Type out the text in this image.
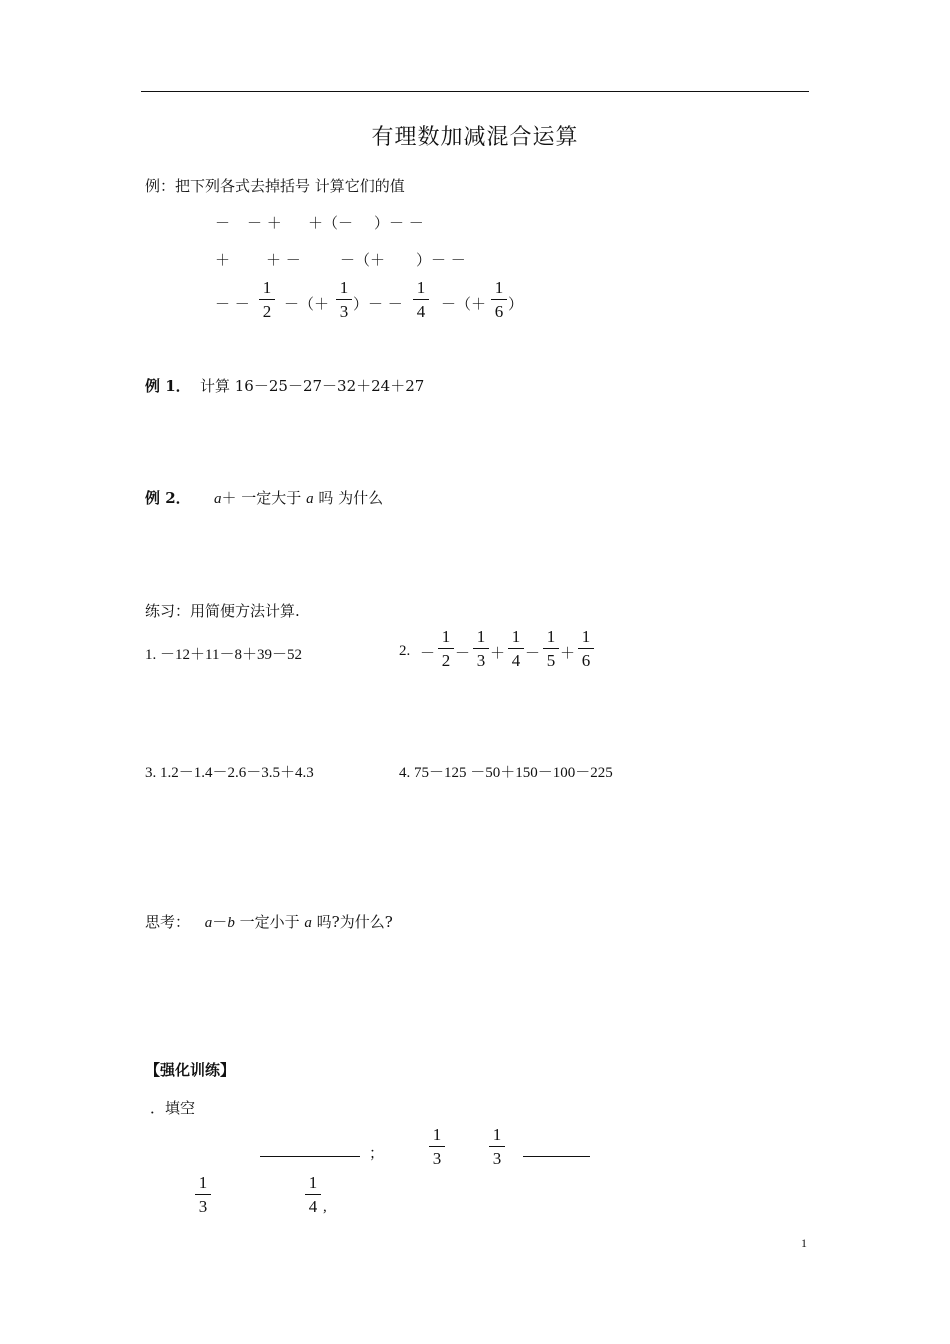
有理数加减混合运算
例：把下列各式去掉括号 计算它们的值
－ － ＋ ＋（－ ）－ －
＋ ＋ －	－（＋ ）－ －
－ －
1
2 －（＋
1
3 ）－ －
1
4 －（＋
1
6 ）
例 1． 计算 16－25－27－32＋24＋27
例 2． a＋ 一定大于 a 吗 为什么
练习：用简便方法计算.
1. －12＋11－8＋39－52	2. －
1
2 －
1
3 ＋
1
4 －
1
5 ＋
1
6
3. 1.2－1.4－2.6－3.5＋4.3	4. 75－125 －50＋150－100－225
思考： a－b 一定小于 a 吗?为什么?
【强化训练】
．填空
；
1
3
1
3
1
3
1
4 ,
1
